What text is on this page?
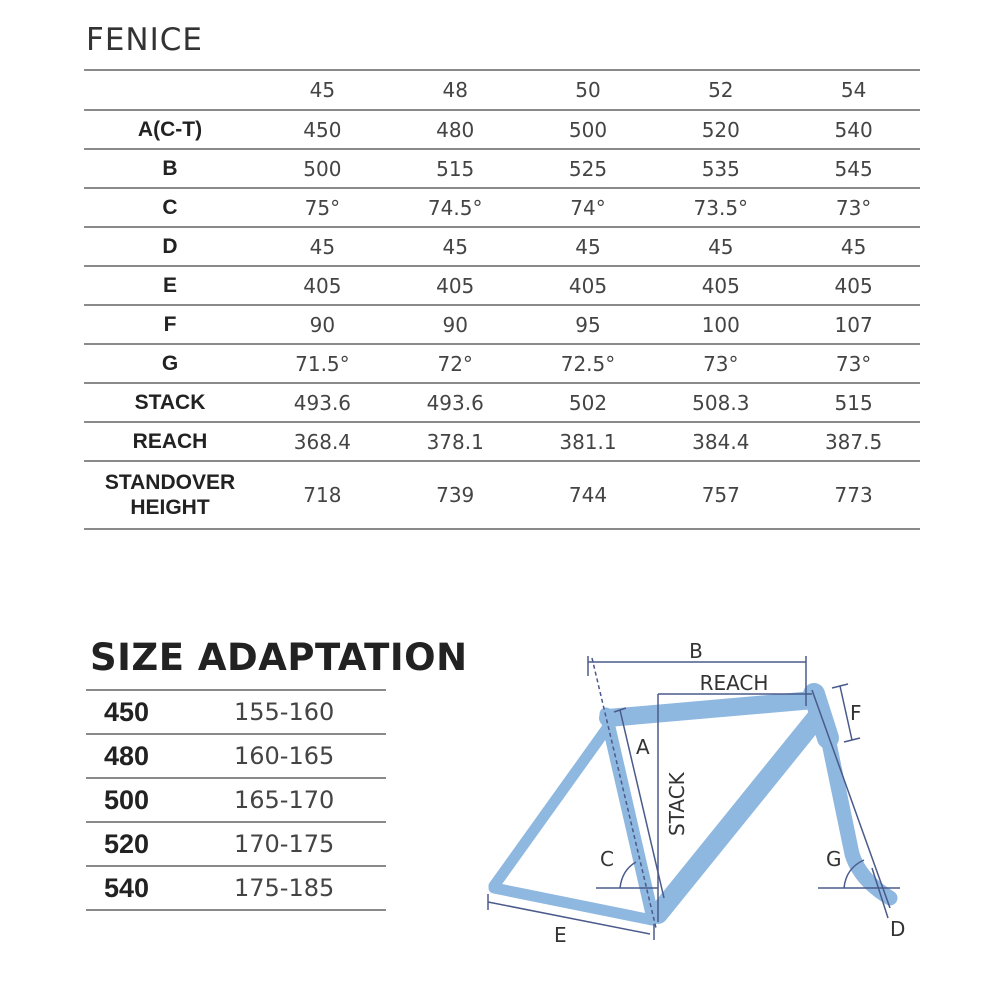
FENICE
	45	48	50	52	54
A(C-T)	450	480	500	520	540
B	500	515	525	535	545
C	75°	74.5°	74°	73.5°	73°
D	45	45	45	45	45
E	405	405	405	405	405
F	90	90	95	100	107
G	71.5°	72°	72.5°	73°	73°
STACK	493.6	493.6	502	508.3	515
REACH	368.4	378.1	381.1	384.4	387.5
STANDOVER
HEIGHT	718	739	744	757	773
SIZE ADAPTATION
450	155-160
480	160-165
500	165-170
520	170-175
540	175-185
B
REACH
A
STACK
F
C	G
E	D
